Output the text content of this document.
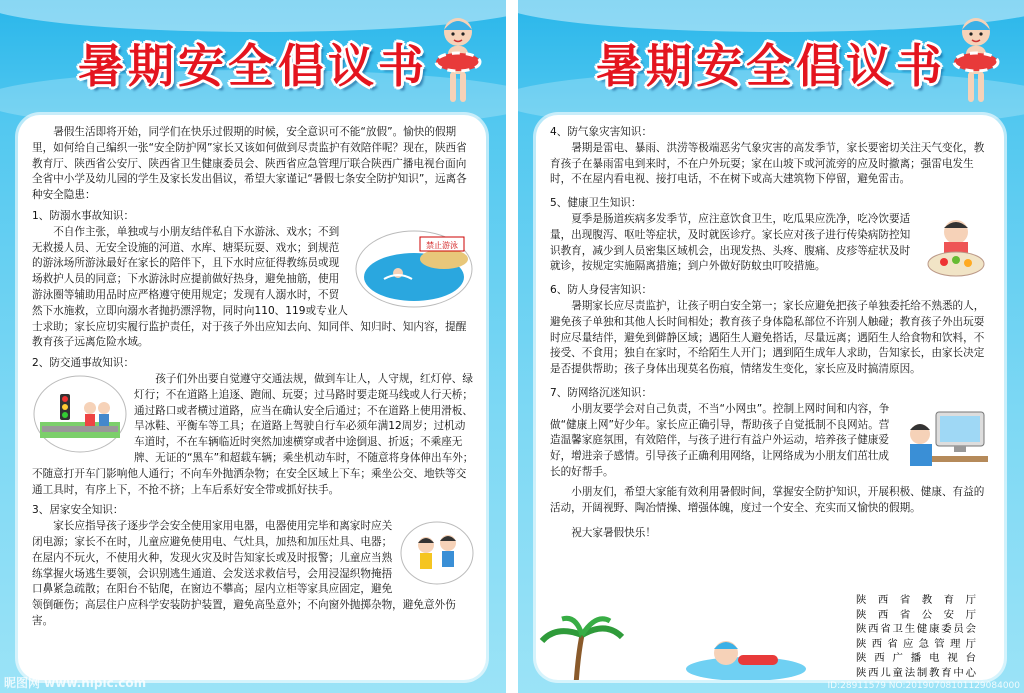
暑期安全倡议书

暑假生活即将开始，同学们在快乐过假期的时候，安全意识可不能“放假”。愉快的假期里，如何给自己编织一张“安全防护网”家长又该如何做到尽责监护有效陪伴呢？现在，陕西省教育厅、陕西省公安厅、陕西省卫生健康委员会、陕西省应急管理厅联合陕西广播电视台面向全省中小学及幼儿园的学生及家长发出倡议，希望大家谨记“暑假七条安全防护知识”，远离各种安全隐患：

1、防溺水事故知识：

禁止游泳

不自作主张，单独或与小朋友结伴私自下水游泳、戏水；不到无救援人员、无安全设施的河道、水库、塘渠玩耍、戏水；到规范的游泳场所游泳最好在家长的陪伴下，且下水时应征得教练员或现场救护人员的同意；下水游泳时应提前做好热身，避免抽筋，使用游泳圈等辅助用品时应严格遵守使用规定；发现有人溺水时，不贸然下水施救，立即向溺水者抛扔漂浮物，同时向110、119或专业人士求助；家长应切实履行监护责任，对于孩子外出应知去向、知同伴、知归时、知内容，提醒教育孩子远离危险水域。

2、防交通事故知识：

孩子们外出要自觉遵守交通法规，做到车让人，人守规，红灯停、绿灯行；不在道路上追逐、跑闹、玩耍；过马路时要走斑马线或人行天桥；通过路口或者横过道路，应当在确认安全后通过；不在道路上使用滑板、旱冰鞋、平衡车等工具；在道路上驾驶自行车必须年满12周岁；过机动车道时，不在车辆临近时突然加速横穿或者中途倒退、折返；不乘座无牌、无证的“黑车”和超载车辆；乘坐机动车时，不随意将身体伸出车外；不随意打开车门影响他人通行；不向车外抛洒杂物；在安全区域上下车；乘坐公交、地铁等交通工具时，有序上下，不抢不挤；上车后系好安全带或抓好扶手。

3、居家安全知识：

家长应指导孩子逐步学会安全使用家用电器，电器使用完毕和离家时应关闭电源；家长不在时，儿童应避免使用电、气灶具，加热和加压灶具、电器；在屋内不玩火，不使用火种，发现火灾及时告知家长或及时报警；儿童应当熟练掌握火场逃生要领，会识别逃生通道、会发送求救信号，会用浸湿织物掩捂口鼻紧急疏散；在阳台不钻爬，在窗边不攀高；屋内立柜等家具应固定，避免领倒砸伤；高层住户应科学安装防护装置，避免高坠意外；不向窗外抛掷杂物，避免意外伤害。

昵图网 www.nipic.com
暑期安全倡议书

4、防气象灾害知识：

暑期是雷电、暴雨、洪涝等极端恶劣气象灾害的高发季节，家长要密切关注天气变化，教育孩子在暴雨雷电到来时，不在户外玩耍；家在山坡下或河流旁的应及时撤离；强雷电发生时，不在屋内看电视、接打电话，不在树下或高大建筑物下停留，避免雷击。

5、健康卫生知识：

夏季是肠道疾病多发季节，应注意饮食卫生，吃瓜果应洗净，吃冷饮要适量，出现腹泻、呕吐等症状，及时就医诊疗。家长应对孩子进行传染病防控知识教育，减少到人员密集区域机会，出现发热、头疼、腹痛、皮疹等症状及时就诊，按规定实施隔离措施；到户外做好防蚊虫叮咬措施。

6、防人身侵害知识：

暑期家长应尽责监护，让孩子明白安全第一；家长应避免把孩子单独委托给不熟悉的人，避免孩子单独和其他人长时间相处；教育孩子身体隐私部位不许别人触碰；教育孩子外出玩耍时应尽量结伴，避免到僻静区域；遇陌生人避免搭话，尽量远离；遇陌生人给食物和饮料，不接受、不食用；独自在家时，不给陌生人开门；遇到陌生成年人求助，告知家长，由家长决定是否提供帮助；孩子身体出现莫名伤痕，情绪发生变化，家长应及时搞清原因。

7、防网络沉迷知识：

小朋友要学会对自己负责，不当“小网虫”。控制上网时间和内容，争做“健康上网”好少年。家长应正确引导，帮助孩子自觉抵制不良网站。营造温馨家庭氛围，有效陪伴，与孩子进行有益户外运动，培养孩子健康爱好，增进亲子感情。引导孩子正确利用网络，让网络成为小朋友们茁壮成长的好帮手。

小朋友们，希望大家能有效利用暑假时间，掌握安全防护知识，开展积极、健康、有益的活动，开阔视野、陶冶情操、增强体魄，度过一个安全、充实而又愉快的假期。

祝大家暑假快乐！

陕西省教育厅
陕西省公安厅
陕西省卫生健康委员会
陕西省应急管理厅
陕西广播电视台
陕西儿童法制教育中心
ID:28911579 NO:20190708101129084000
